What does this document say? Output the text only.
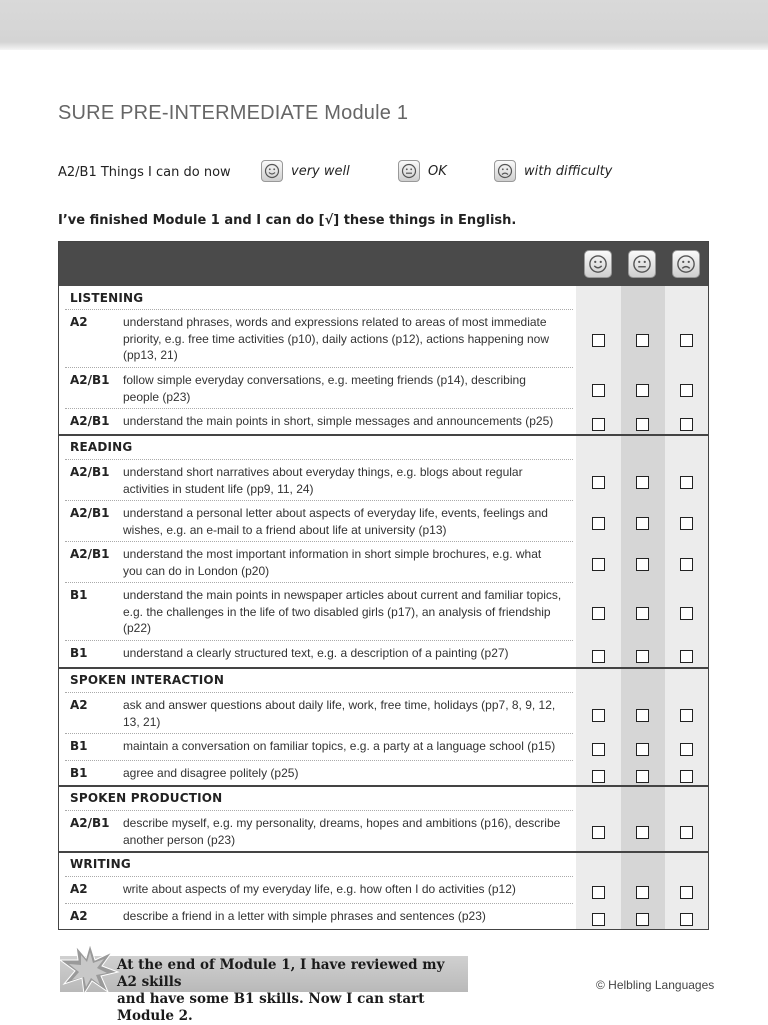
SURE PRE-INTERMEDIATE Module 1
A2/B1 Things I can do now	very well	OK	with difficulty
I’ve finished Module 1 and I can do [√] these things in English.
LISTENING
A2	understand phrases, words and expressions related to areas of most immediate priority, e.g. free time activities (p10), daily actions (p12), actions happening now (pp13, 21)
A2/B1 follow simple everyday conversations, e.g. meeting friends (p14), describing people (p23)
A2/B1 understand the main points in short, simple messages and announcements (p25)
READING
A2/B1 understand short narratives about everyday things, e.g. blogs about regular activities in student life (pp9, 11, 24)
A2/B1 understand a personal letter about aspects of everyday life, events, feelings and wishes, e.g. an e-mail to a friend about life at university (p13)
A2/B1 understand the most important information in short simple brochures, e.g. what you can do in London (p20)
B1	understand the main points in newspaper articles about current and familiar topics, e.g. the challenges in the life of two disabled girls (p17), an analysis of friendship (p22)
B1	understand a clearly structured text, e.g. a description of a painting (p27)
SPOKEN INTERACTION
A2	ask and answer questions about daily life, work, free time, holidays (pp7, 8, 9, 12, 13, 21)
B1	maintain a conversation on familiar topics, e.g. a party at a language school (p15)
B1	agree and disagree politely (p25)
SPOKEN PRODUCTION
A2/B1 describe myself, e.g. my personality, dreams, hopes and ambitions (p16), describe another person (p23)
WRITING
A2	write about aspects of my everyday life, e.g. how often I do activities (p12)
A2	describe a friend in a letter with simple phrases and sentences (p23)
At the end of Module 1, I have reviewed my A2 skills
and have some B1 skills. Now I can start Module 2.
© Helbling Languages
